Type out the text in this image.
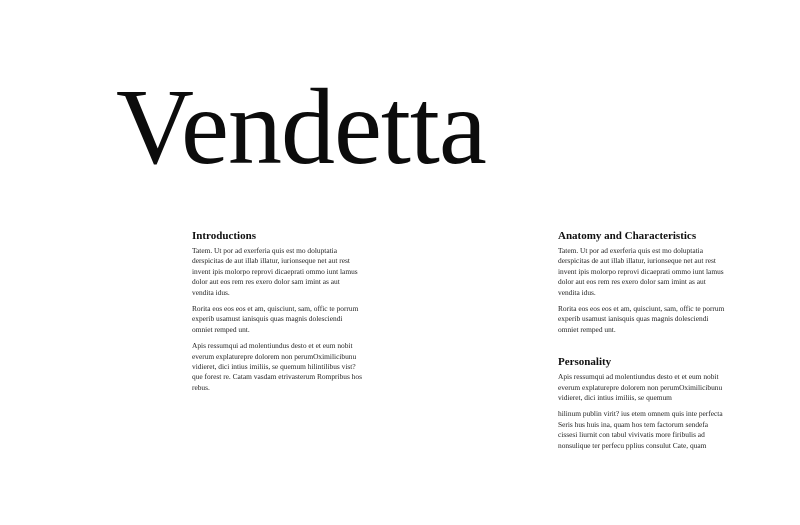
Vendetta
Introductions

Tatem. Ut por ad exerferia quis est mo doluptatia derspicitas de aut illab illatur, iurionseque net aut rest invent ipis molorpo reprovi dicaeprati ommo iunt lamus dolor aut eos rem res exero dolor sam imint as aut vendita idus.

Rorita eos eos eos et am, quisciunt, sam, offic te porrum experib usamust ianisquis quas magnis dolesciendi omniet remped unt.

Apis ressumqui ad molentiundus desto et et eum nobit everum explaturepre dolorem non perumOximilicibunu vidieret, dici intius imiliis, se quemum hilintilibus vist? que forest re. Catam vasdam etrivasterum Rompribus hos rebus.

Anatomy and Characteristics

Tatem. Ut por ad exerferia quis est mo doluptatia derspicitas de aut illab illatur, iurionseque net aut rest invent ipis molorpo reprovi dicaeprati ommo iunt lamus dolor aut eos rem res exero dolor sam imint as aut vendita idus.

Rorita eos eos eos et am, quisciunt, sam, offic te porrum experib usamust ianisquis quas magnis dolesciendi omniet remped unt.

Personality

Apis ressumqui ad molentiundus desto et et eum nobit everum explaturepre dolorem non perumOximilicibunu vidieret, dici intius imiliis, se quemum

hilinum publin virit? ius etem omnem quis inte perfecta Seris hus huis ina, quam hos tem factorum sendefa cissesi liurnit con tabul vivivatis more firibulis ad nonsulique ter perfecu pplius consulut Cate, quam
